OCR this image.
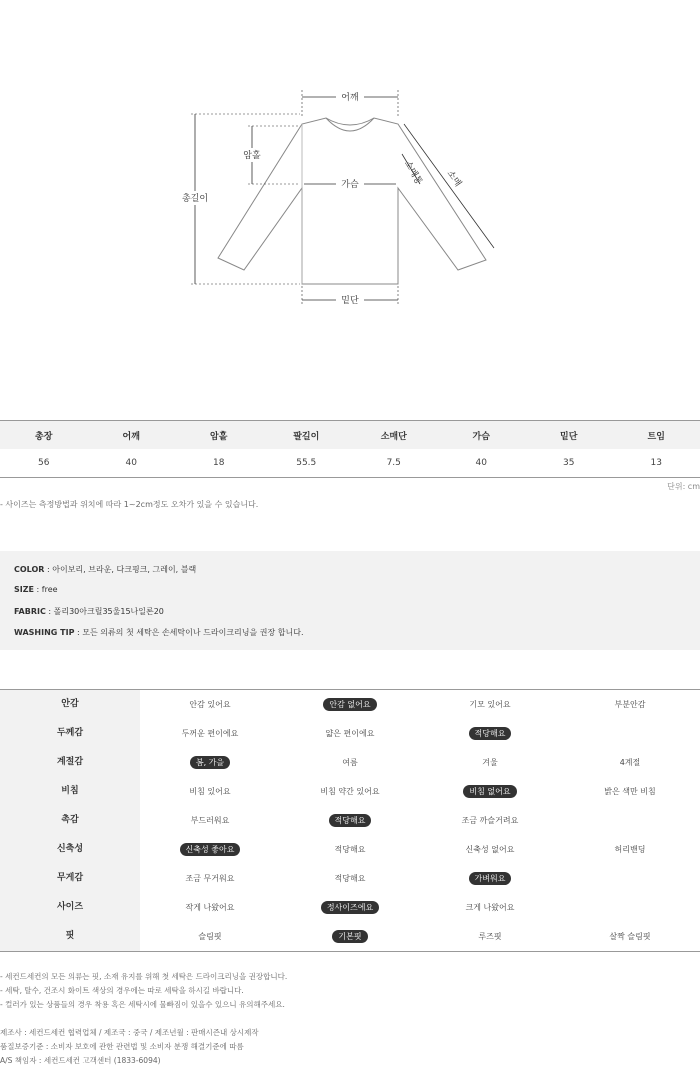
어깨
암홀
가슴
총길이
소매통 소매
밑단
총장	어깨	암홀	팔길이	소매단	가슴	밑단	트임
56	40	18	55.5	7.5	40	35	13
단위: cm
- 사이즈는 측정방법과 위치에 따라 1~2cm정도 오차가 있을 수 있습니다.
COLOR : 아이보리, 브라운, 다크핑크, 그레이, 블랙
SIZE : free
FABRIC : 폴리30아크릴35울15나일론20
WASHING TIP : 모든 의류의 첫 세탁은 손세탁이나 드라이크리닝을 권장 합니다.
안감	안감 있어요	안감 없어요	기모 있어요	부분안감
두께감	두꺼운 편이에요	얇은 편이에요	적당해요	
계절감	봄, 가을	여름	겨울	4계절
비침	비침 있어요	비침 약간 있어요	비침 없어요	밝은 색만 비침
촉감	부드러워요	적당해요	조금 까슬거려요	
신축성	신축성 좋아요	적당해요	신축성 없어요	허리밴딩
무게감	조금 무거워요	적당해요	가벼워요	
사이즈	작게 나왔어요	정사이즈에요	크게 나왔어요	
핏	슬림핏	기본핏	루즈핏	살짝 슬림핏
- 세컨드세컨의 모든 의류는 핏, 소재 유지를 위해 첫 세탁은 드라이크리닝을 권장합니다.
- 세탁, 탈수, 건조시 화이트 색상의 경우에는 따로 세탁을 하시길 바랍니다.
- 컬러가 있는 상품들의 경우 착용 혹은 세탁시에 물빠짐이 있을수 있으니 유의해주세요.
제조사 : 세컨드세컨 협력업체 / 제조국 : 중국 / 제조년월 : 판매시즌내 상시제작
품질보증기준 : 소비자 보호에 관한 관련법 및 소비자 분쟁 해결기준에 따름
A/S 책임자 : 세컨드세컨 고객센터 (1833-6094)
